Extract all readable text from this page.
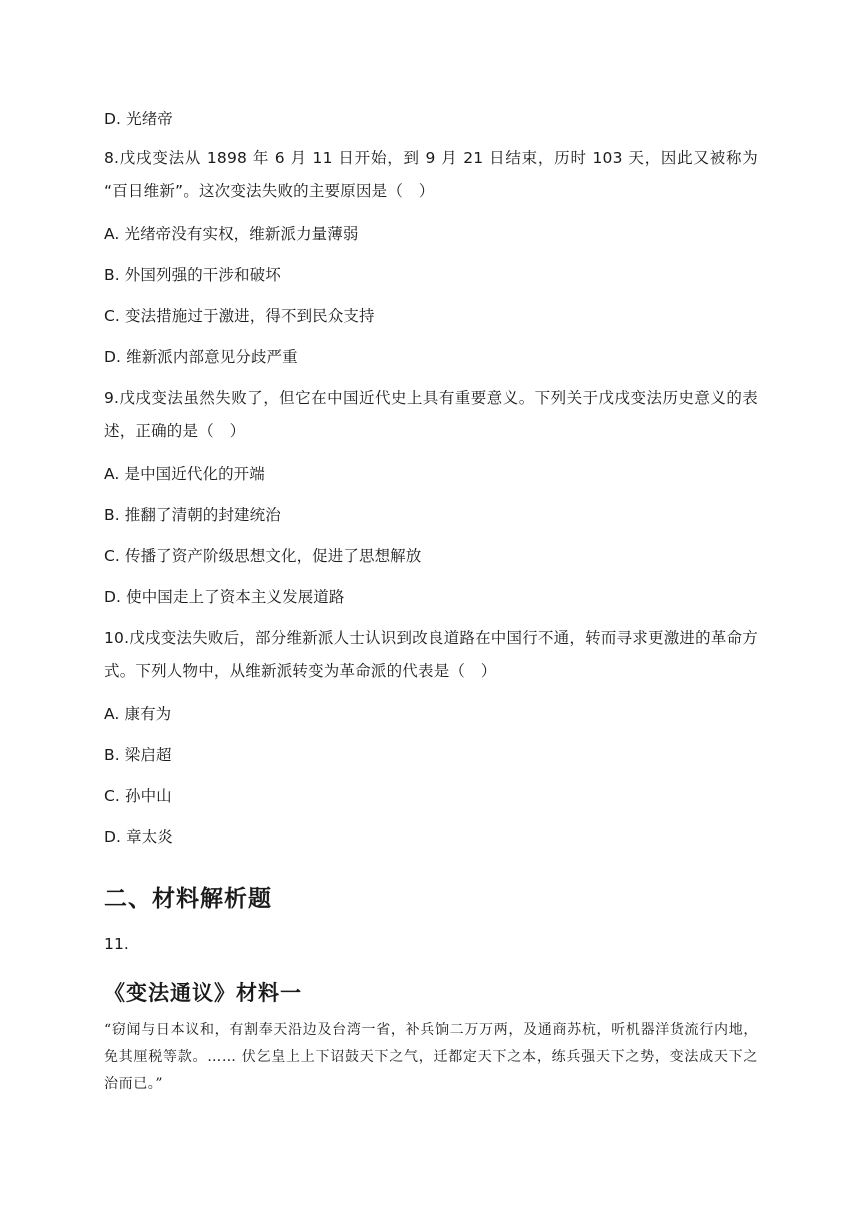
D. 光绪帝
8.戊戌变法从 1898 年 6 月 11 日开始，到 9 月 21 日结束，历时 103 天，因此又被称为 “百日维新”。这次变法失败的主要原因是（　）
A. 光绪帝没有实权，维新派力量薄弱
B. 外国列强的干涉和破坏
C. 变法措施过于激进，得不到民众支持
D. 维新派内部意见分歧严重
9.戊戌变法虽然失败了，但它在中国近代史上具有重要意义。下列关于戊戌变法历史意义的表述，正确的是（　）
A. 是中国近代化的开端
B. 推翻了清朝的封建统治
C. 传播了资产阶级思想文化，促进了思想解放
D. 使中国走上了资本主义发展道路
10.戊戌变法失败后，部分维新派人士认识到改良道路在中国行不通，转而寻求更激进的革命方式。下列人物中，从维新派转变为革命派的代表是（　）
A. 康有为
B. 梁启超
C. 孙中山
D. 章太炎
二、材料解析题
11.
《变法通议》材料一
“窃闻与日本议和，有割奉天沿边及台湾一省，补兵饷二万万两，及通商苏杭，听机器洋货流行内地，免其厘税等款。…… 伏乞皇上上下诏鼓天下之气，迁都定天下之本，练兵强天下之势，变法成天下之治而已。”
